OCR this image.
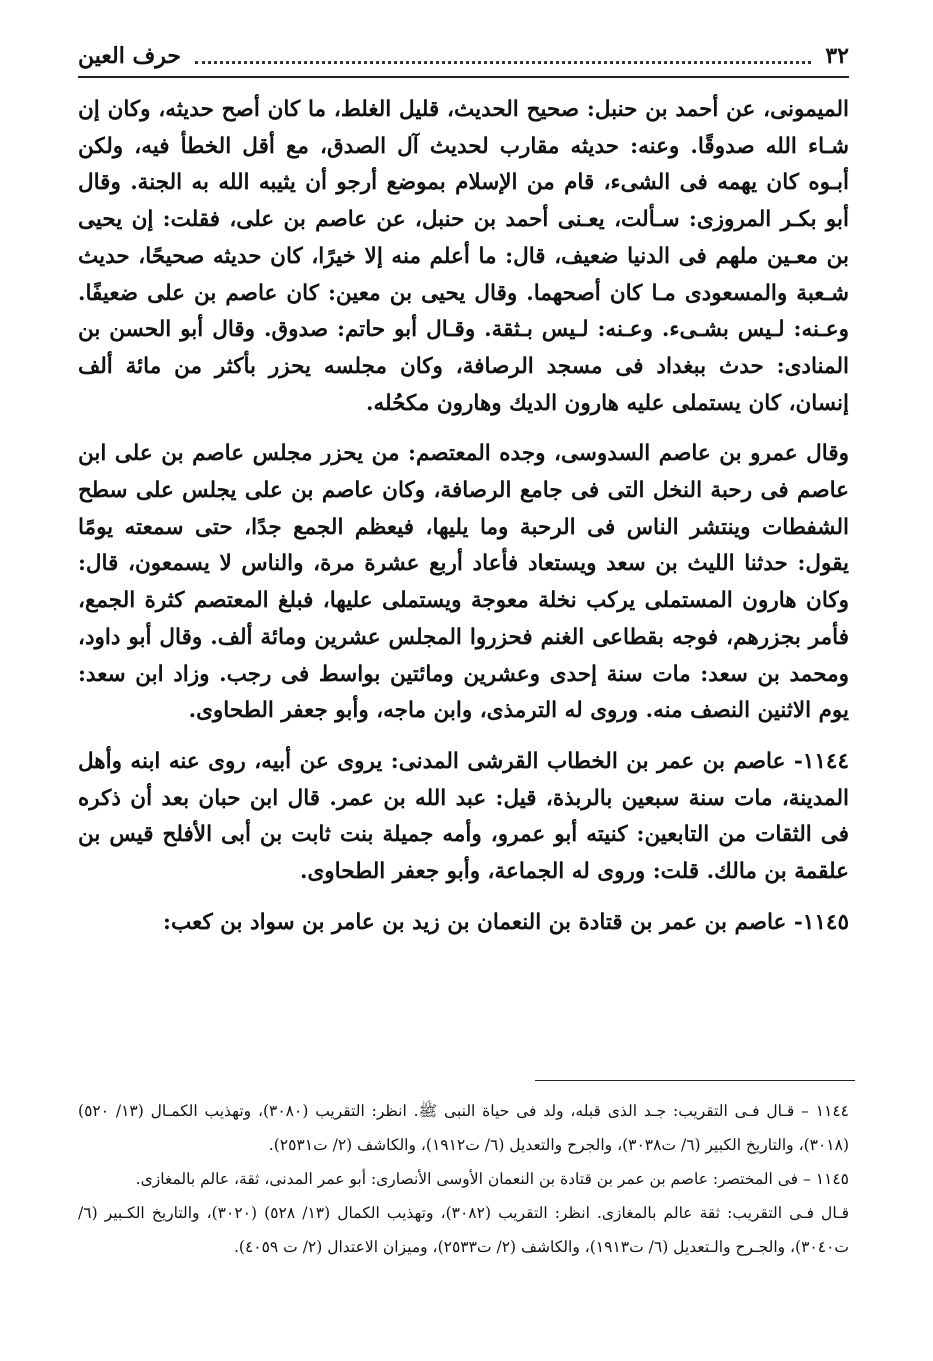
٣٢
حرف العين

الميمونى، عن أحمد بن حنبل: صحيح الحديث، قليل الغلط، ما كان أصح حديثه، وكان إن شـاء الله صدوقًا. وعنه: حديثه مقارب لحديث آل الصدق، مع أقل الخطأ فيه، ولكن أبـوه كان يهمه فى الشىء، قام من الإسلام بموضع أرجو أن يثيبه الله به الجنة. وقال أبو بكـر المروزى: سـألت، يعـنى أحمد بن حنبل، عن عاصم بن على، فقلت: إن يحيى بن معـين ملهم فى الدنيا ضعيف، قال: ما أعلم منه إلا خيرًا، كان حديثه صحيحًا، حديث شـعبة والمسعودى مـا كان أصحهما. وقال يحيى بن معين: كان عاصم بن على ضعيفًا. وعـنه: لـيس بشـىء. وعـنه: لـيس بـثقة. وقـال أبو حاتم: صدوق. وقال أبو الحسن بن المنادى: حدث ببغداد فى مسجد الرصافة، وكان مجلسه يحزر بأكثر من مائة ألف إنسان، كان يستملى عليه هارون الديك وهارون مكحُله.

وقال عمرو بن عاصم السدوسى، وجده المعتصم: من يحزر مجلس عاصم بن على ابن عاصم فى رحبة النخل التى فى جامع الرصافة، وكان عاصم بن على يجلس على سطح الشفطات وينتشر الناس فى الرحبة وما يليها، فيعظم الجمع جدًا، حتى سمعته يومًا يقول: حدثنا الليث بن سعد ويستعاد فأعاد أربع عشرة مرة، والناس لا يسمعون، قال: وكان هارون المستملى يركب نخلة معوجة ويستملى عليها، فبلغ المعتصم كثرة الجمع، فأمر بجزرهم، فوجه بقطاعى الغنم فحزروا المجلس عشرين ومائة ألف. وقال أبو داود، ومحمد بن سعد: مات سنة إحدى وعشرين ومائتين بواسط فى رجب. وزاد ابن سعد: يوم الاثنين النصف منه. وروى له الترمذى، وابن ماجه، وأبو جعفر الطحاوى.

١١٤٤- عاصم بن عمر بن الخطاب القرشى المدنى: يروى عن أبيه، روى عنه ابنه وأهل المدينة، مات سنة سبعين بالربذة، قيل: عبد الله بن عمر. قال ابن حبان بعد أن ذكره فى الثقات من التابعين: كنيته أبو عمرو، وأمه جميلة بنت ثابت بن أبى الأفلح قيس بن علقمة بن مالك. قلت: وروى له الجماعة، وأبو جعفر الطحاوى.

١١٤٥- عاصم بن عمر بن قتادة بن النعمان بن زيد بن عامر بن سواد بن كعب:

١١٤٤ – قـال فـى التقريب: جـد الذى قبله، ولد فى حياة النبى ﷺ. انظر: التقريب (٣٠٨٠)، وتهذيب الكمـال (١٣/ ٥٢٠) (٣٠١٨)، والتاريخ الكبير (٦/ ت٣٠٣٨)، والجرح والتعديل (٦/ ت١٩١٢)، والكاشف (٢/ ت٢٥٣١).

١١٤٥ – فى المختصر: عاصم بن عمر بن قتادة بن النعمان الأوسى الأنصارى: أبو عمر المدنى، ثقة، عالم بالمغازى.

قـال فـى التقريب: ثقة عالم بالمغازى. انظر: التقريب (٣٠٨٢)، وتهذيب الكمال (١٣/ ٥٢٨) (٣٠٢٠)، والتاريخ الكـبير (٦/ ت٣٠٤٠)، والجـرح والـتعديل (٦/ ت١٩١٣)، والكاشف (٢/ ت٢٥٣٣)، وميزان الاعتدال (٢/ ت ٤٠٥٩).
